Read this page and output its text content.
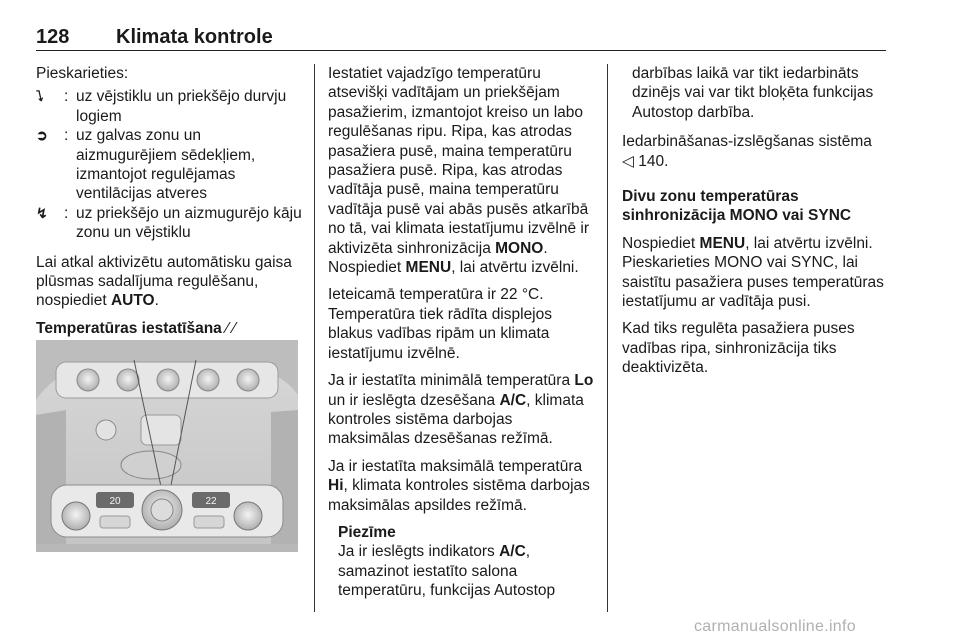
128 Klimata kontrole

Pieskarieties:

⭝	: uz vējstiklu un priekšējo durvju logiem
➲	: uz galvas zonu un aizmugurējiem sēdekļiem, izmantojot regulējamas ventilācijas atveres
↯	: uz priekšējo un aizmugurējo kāju zonu un vējstiklu

Lai atkal aktivizētu automātisku gaisa plūsmas sadalījuma regulēšanu, nospiediet AUTO.

Temperatūras iestatīšana ⁄ ⁄

20	22

Iestatiet vajadzīgo temperatūru atsevišķi vadītājam un priekšējam pasažierim, izmantojot kreiso un labo regulēšanas ripu. Ripa, kas atrodas pasažiera pusē, maina temperatūru pasažiera pusē. Ripa, kas atrodas vadītāja pusē, maina temperatūru vadītāja pusē vai abās pusēs atkarībā no tā, vai klimata iestatījumu izvēlnē ir aktivizēta sinhronizācija MONO.

Nospiediet MENU, lai atvērtu izvēlni.

Ieteicamā temperatūra ir 22 °C. Temperatūra tiek rādīta displejos blakus vadības ripām un klimata iestatījumu izvēlnē.

Ja ir iestatīta minimālā temperatūra Lo un ir ieslēgta dzesēšana A/C, klimata kontroles sistēma darbojas maksimālas dzesēšanas režīmā.

Ja ir iestatīta maksimālā temperatūra Hi, klimata kontroles sistēma darbojas maksimālas apsildes režīmā.

Piezīme
Ja ir ieslēgts indikators A/C, samazinot iestatīto salona temperatūru, funkcijas Autostop

darbības laikā var tikt iedarbināts dzinējs vai var tikt bloķēta funkcijas Autostop darbība.

Iedarbināšanas-izslēgšanas sistēma
◁ 140.

Divu zonu temperatūras sinhronizācija MONO vai SYNC

Nospiediet MENU, lai atvērtu izvēlni. Pieskarieties MONO vai SYNC, lai saistītu pasažiera puses temperatūras iestatījumu ar vadītāja pusi.

Kad tiks regulēta pasažiera puses vadības ripa, sinhronizācija tiks deaktivizēta.

carmanualsonline.info
